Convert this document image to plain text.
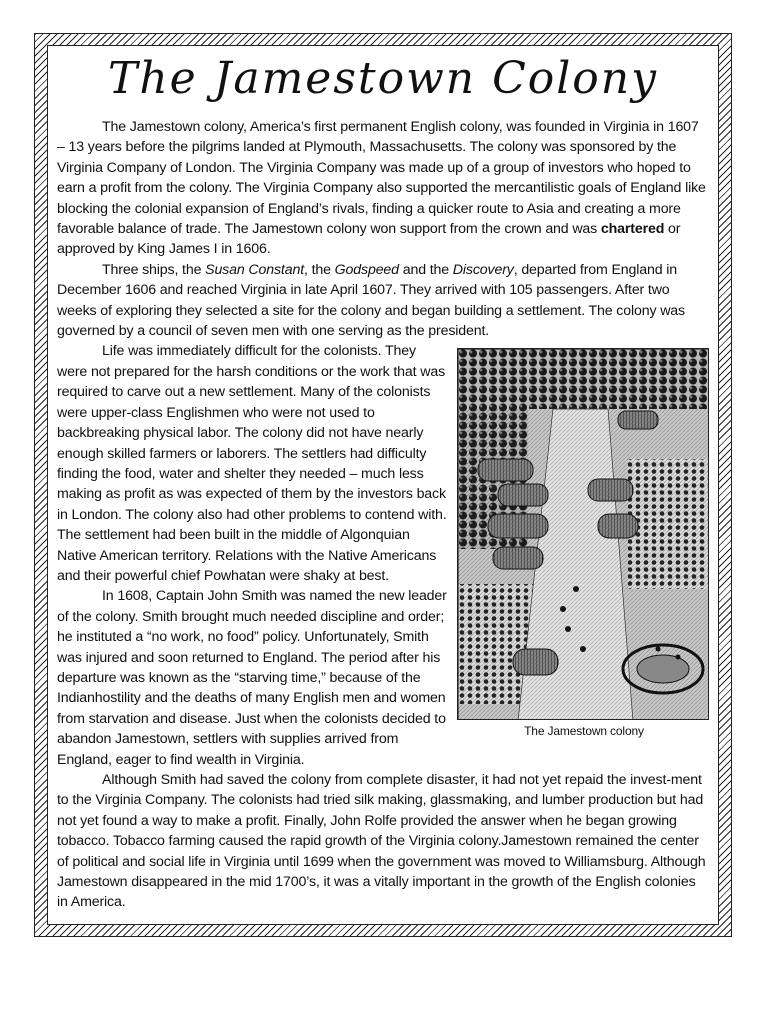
The Jamestown Colony

The Jamestown colony, America’s first permanent English colony, was founded in Virginia in 1607 – 13 years before the pilgrims landed at Plymouth, Massachusetts. The colony was sponsored by the Virginia Company of London. The Virginia Company was made up of a group of investors who hoped to earn a profit from the colony. The Virginia Company also supported the mercantilistic goals of England like blocking the colonial expansion of England’s rivals, finding a quicker route to Asia and creating a more favorable balance of trade. The Jamestown colony won support from the crown and was chartered or approved by King James I in 1606.

Three ships, the Susan Constant, the Godspeed and the Discovery, departed from England in December 1606 and reached Virginia in late April 1607. They arrived with 105 passengers. After two weeks of exploring they selected a site for the colony and began building a settlement. The colony was governed by a council of seven men with one serving as the president.

The Jamestown colony

Life was immediately difficult for the colonists. They were not prepared for the harsh conditions or the work that was required to carve out a new settlement. Many of the colonists were upper-class Englishmen who were not used to backbreaking physical labor. The colony did not have nearly enough skilled farmers or laborers. The settlers had difficulty finding the food, water and shelter they needed – much less making as profit as was expected of them by the investors back in London. The colony also had other problems to contend with. The settlement had been built in the middle of Algonquian Native American territory. Relations with the Native Americans and their powerful chief Powhatan were shaky at best.

In 1608, Captain John Smith was named the new leader of the colony. Smith brought much needed discipline and order; he instituted a “no work, no food” policy. Unfortunately, Smith was injured and soon returned to England. The period after his departure was known as the “starving time,” because of the Indianhostility and the deaths of many English men and women from starvation and disease. Just when the colonists decided to abandon Jamestown, settlers with supplies arrived from England, eager to find wealth in Virginia.

Although Smith had saved the colony from complete disaster, it had not yet repaid the invest-ment to the Virginia Company. The colonists had tried silk making, glassmaking, and lumber production but had not yet found a way to make a profit. Finally, John Rolfe provided the answer when he began growing tobacco. Tobacco farming caused the rapid growth of the Virginia colony.Jamestown remained the center of political and social life in Virginia until 1699 when the government was moved to Williamsburg. Although Jamestown disappeared in the mid 1700’s, it was a vitally important in the growth of the English colonies in America.
